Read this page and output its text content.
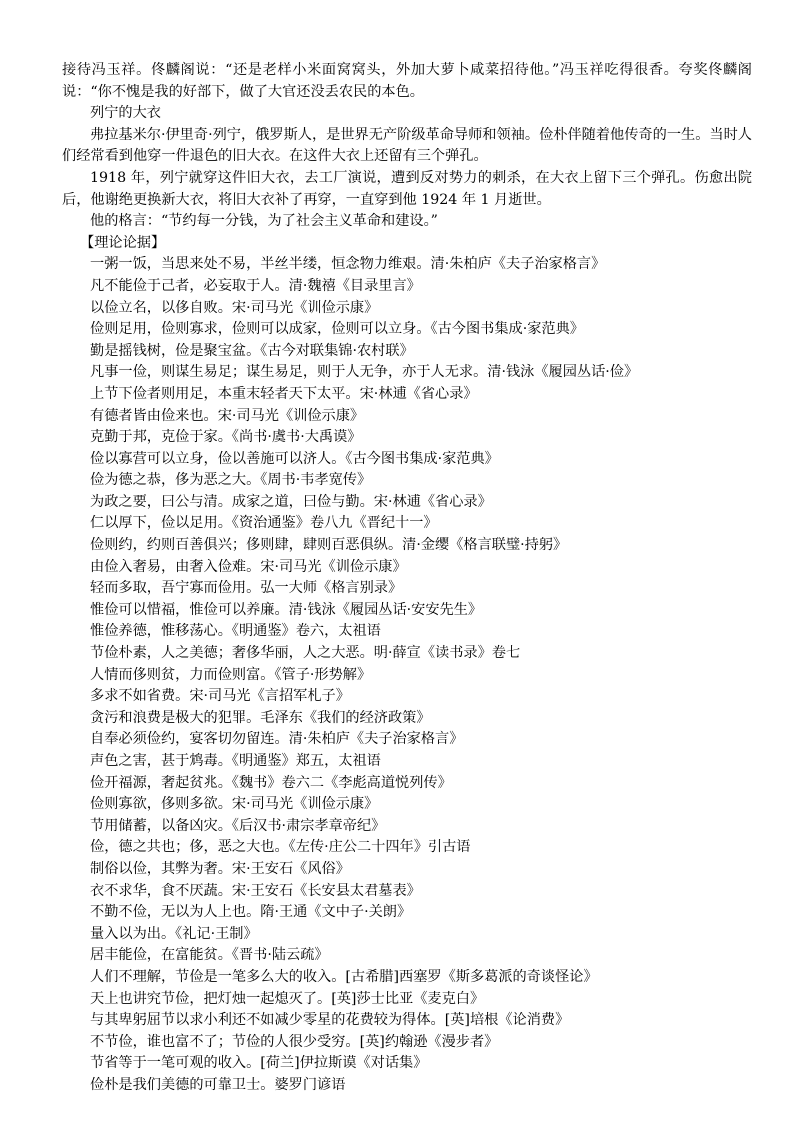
接待冯玉祥。佟麟阁说：“还是老样小米面窝窝头，外加大萝卜咸菜招待他。”冯玉祥吃得很香。夸奖佟麟阁说：“你不愧是我的好部下，做了大官还没丢农民的本色。

列宁的大衣

弗拉基米尔·伊里奇·列宁，俄罗斯人，是世界无产阶级革命导师和领袖。俭朴伴随着他传奇的一生。当时人们经常看到他穿一件退色的旧大衣。在这件大衣上还留有三个弹孔。

1918 年，列宁就穿这件旧大衣，去工厂演说，遭到反对势力的刺杀，在大衣上留下三个弹孔。伤愈出院后，他谢绝更换新大衣，将旧大衣补了再穿，一直穿到他 1924 年 1 月逝世。

他的格言：“节约每一分钱，为了社会主义革命和建设。”

【理论论据】

一粥一饭，当思来处不易，半丝半缕，恒念物力维艰。清·朱柏庐《夫子治家格言》
凡不能俭于己者，必妄取于人。清·魏禧《目录里言》
以俭立名，以侈自败。宋·司马光《训俭示康》
俭则足用，俭则寡求，俭则可以成家，俭则可以立身。《古今图书集成·家范典》
勤是摇钱树，俭是聚宝盆。《古今对联集锦·农村联》
凡事一俭，则谋生易足；谋生易足，则于人无争，亦于人无求。清·钱泳《履园丛话·俭》
上节下俭者则用足，本重末轻者天下太平。宋·林逋《省心录》
有德者皆由俭来也。宋·司马光《训俭示康》
克勤于邦，克俭于家。《尚书·虞书·大禹谟》
俭以寡营可以立身，俭以善施可以济人。《古今图书集成·家范典》
俭为德之恭，侈为恶之大。《周书·韦孝宽传》
为政之要，曰公与清。成家之道，曰俭与勤。宋·林逋《省心录》
仁以厚下，俭以足用。《资治通鉴》卷八九《晋纪十一》
俭则约，约则百善俱兴；侈则肆，肆则百恶俱纵。清·金缨《格言联璧·持躬》
由俭入奢易，由奢入俭难。宋·司马光《训俭示康》
轻而多取，吾宁寡而俭用。弘一大师《格言别录》
惟俭可以惜福，惟俭可以养廉。清·钱泳《履园丛话·安安先生》
惟俭养德，惟移荡心。《明通鉴》卷六，太祖语
节俭朴素，人之美德；奢侈华丽，人之大恶。明·薛宣《读书录》卷七
人情而侈则贫，力而俭则富。《管子·形势解》
多求不如省费。宋·司马光《言招军札子》
贪污和浪费是极大的犯罪。毛泽东《我们的经济政策》
自奉必须俭约，宴客切勿留连。清·朱柏庐《夫子治家格言》
声色之害，甚于鸩毒。《明通鉴》郑五，太祖语
俭开福源，奢起贫兆。《魏书》卷六二《李彪高道悦列传》
俭则寡欲，侈则多欲。宋·司马光《训俭示康》
节用储蓄，以备凶灾。《后汉书·肃宗孝章帝纪》
俭，德之共也；侈，恶之大也。《左传·庄公二十四年》引古语
制俗以俭，其弊为奢。宋·王安石《风俗》
衣不求华，食不厌蔬。宋·王安石《长安县太君墓表》
不勤不俭，无以为人上也。隋·王通《文中子·关朗》
量入以为出。《礼记·王制》
居丰能俭，在富能贫。《晋书·陆云疏》
人们不理解，节俭是一笔多么大的收入。[古希腊]西塞罗《斯多葛派的奇谈怪论》
天上也讲究节俭，把灯烛一起熄灭了。[英]莎士比亚《麦克白》
与其卑躬屈节以求小利还不如减少零星的花费较为得体。[英]培根《论消费》
不节俭，谁也富不了；节俭的人很少受穷。[英]约翰逊《漫步者》
节省等于一笔可观的收入。[荷兰]伊拉斯谟《对话集》
俭朴是我们美德的可靠卫士。婆罗门谚语
